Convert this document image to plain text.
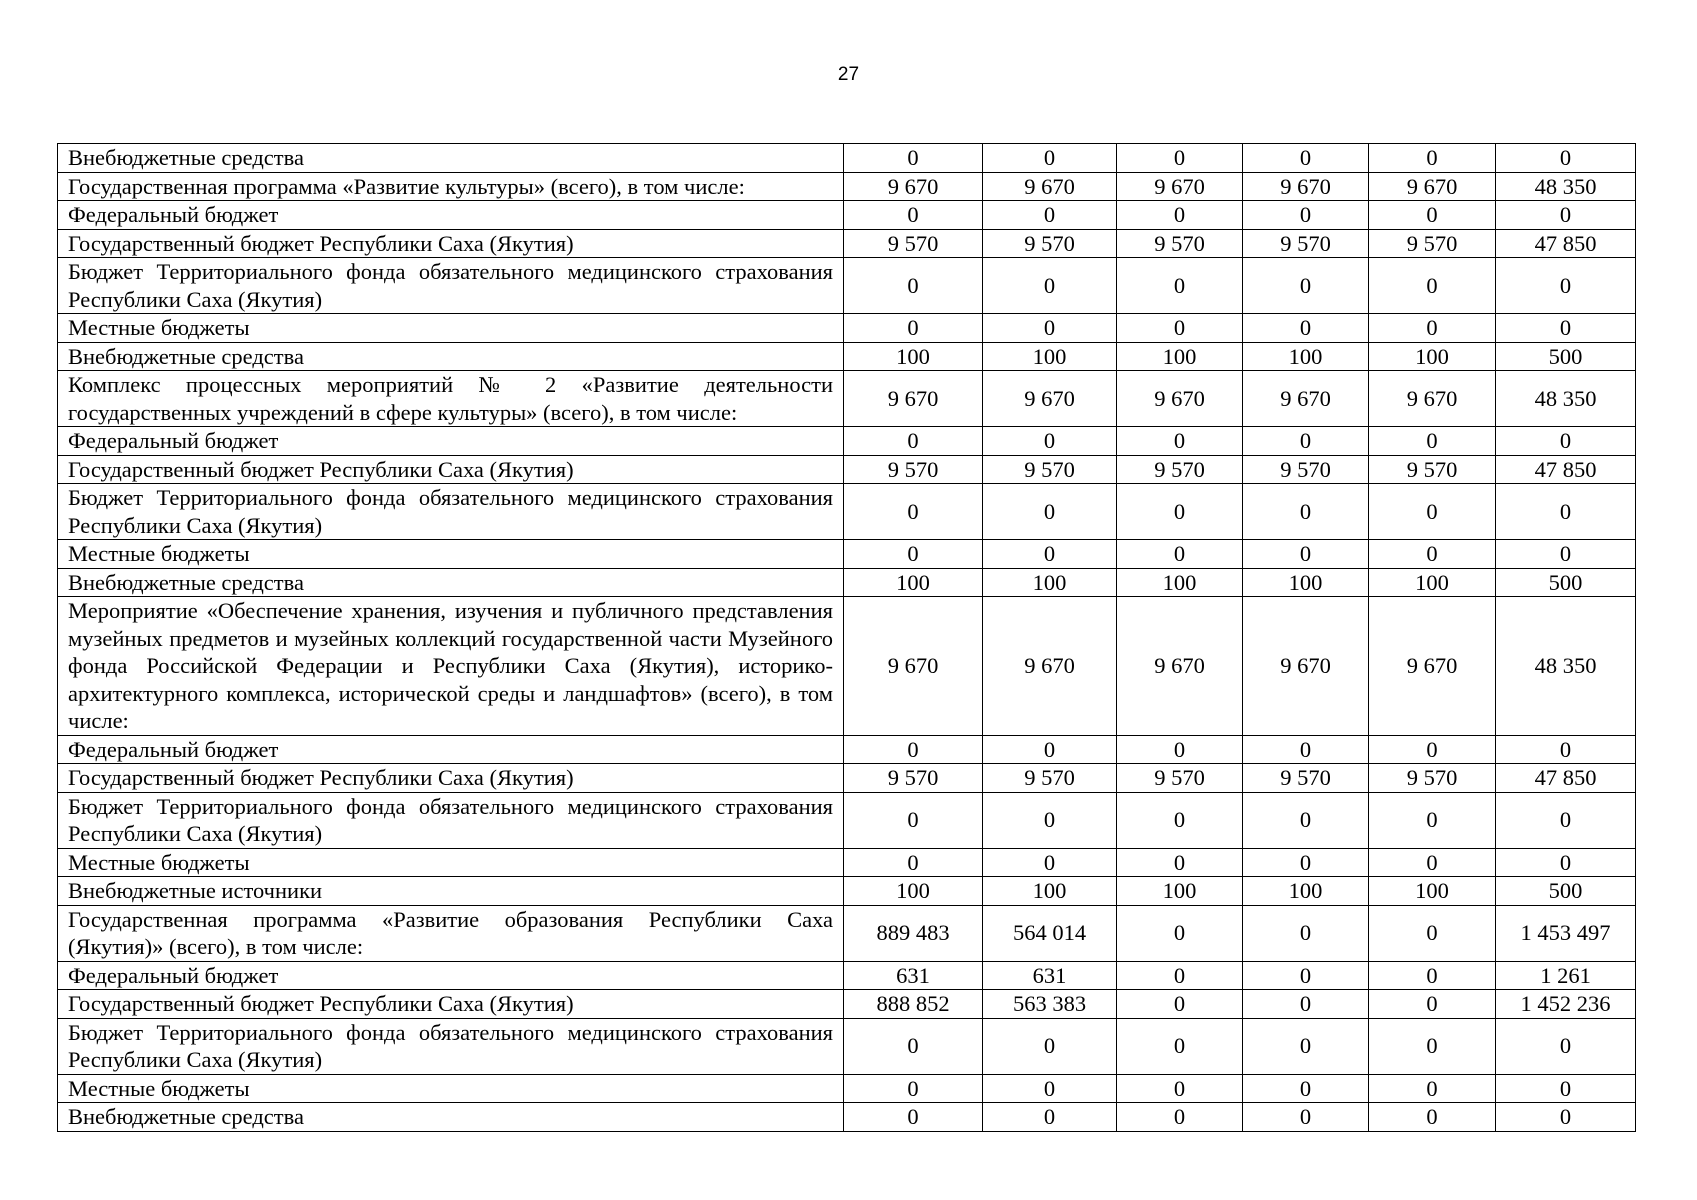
27
Внебюджетные средства	0	0	0	0	0	0
Государственная программа «Развитие культуры» (всего), в том числе:	9 670	9 670	9 670	9 670	9 670	48 350
Федеральный бюджет	0	0	0	0	0	0
Государственный бюджет Республики Саха (Якутия)	9 570	9 570	9 570	9 570	9 570	47 850
Бюджет Территориального фонда обязательного медицинского страхования Республики Саха (Якутия)	0	0	0	0	0	0
Местные бюджеты	0	0	0	0	0	0
Внебюджетные средства	100	100	100	100	100	500
Комплекс процессных мероприятий № 2 «Развитие деятельности государственных учреждений в сфере культуры» (всего), в том числе:	9 670	9 670	9 670	9 670	9 670	48 350
Федеральный бюджет	0	0	0	0	0	0
Государственный бюджет Республики Саха (Якутия)	9 570	9 570	9 570	9 570	9 570	47 850
Бюджет Территориального фонда обязательного медицинского страхования Республики Саха (Якутия)	0	0	0	0	0	0
Местные бюджеты	0	0	0	0	0	0
Внебюджетные средства	100	100	100	100	100	500
Мероприятие «Обеспечение хранения, изучения и публичного представления музейных предметов и музейных коллекций государственной части Музейного фонда Российской Федерации и Республики Саха (Якутия), историко-архитектурного комплекса, исторической среды и ландшафтов» (всего), в том числе:	9 670	9 670	9 670	9 670	9 670	48 350
Федеральный бюджет	0	0	0	0	0	0
Государственный бюджет Республики Саха (Якутия)	9 570	9 570	9 570	9 570	9 570	47 850
Бюджет Территориального фонда обязательного медицинского страхования Республики Саха (Якутия)	0	0	0	0	0	0
Местные бюджеты	0	0	0	0	0	0
Внебюджетные источники	100	100	100	100	100	500
Государственная программа «Развитие образования Республики Саха (Якутия)» (всего), в том числе:	889 483	564 014	0	0	0	1 453 497
Федеральный бюджет	631	631	0	0	0	1 261
Государственный бюджет Республики Саха (Якутия)	888 852	563 383	0	0	0	1 452 236
Бюджет Территориального фонда обязательного медицинского страхования Республики Саха (Якутия)	0	0	0	0	0	0
Местные бюджеты	0	0	0	0	0	0
Внебюджетные средства	0	0	0	0	0	0
